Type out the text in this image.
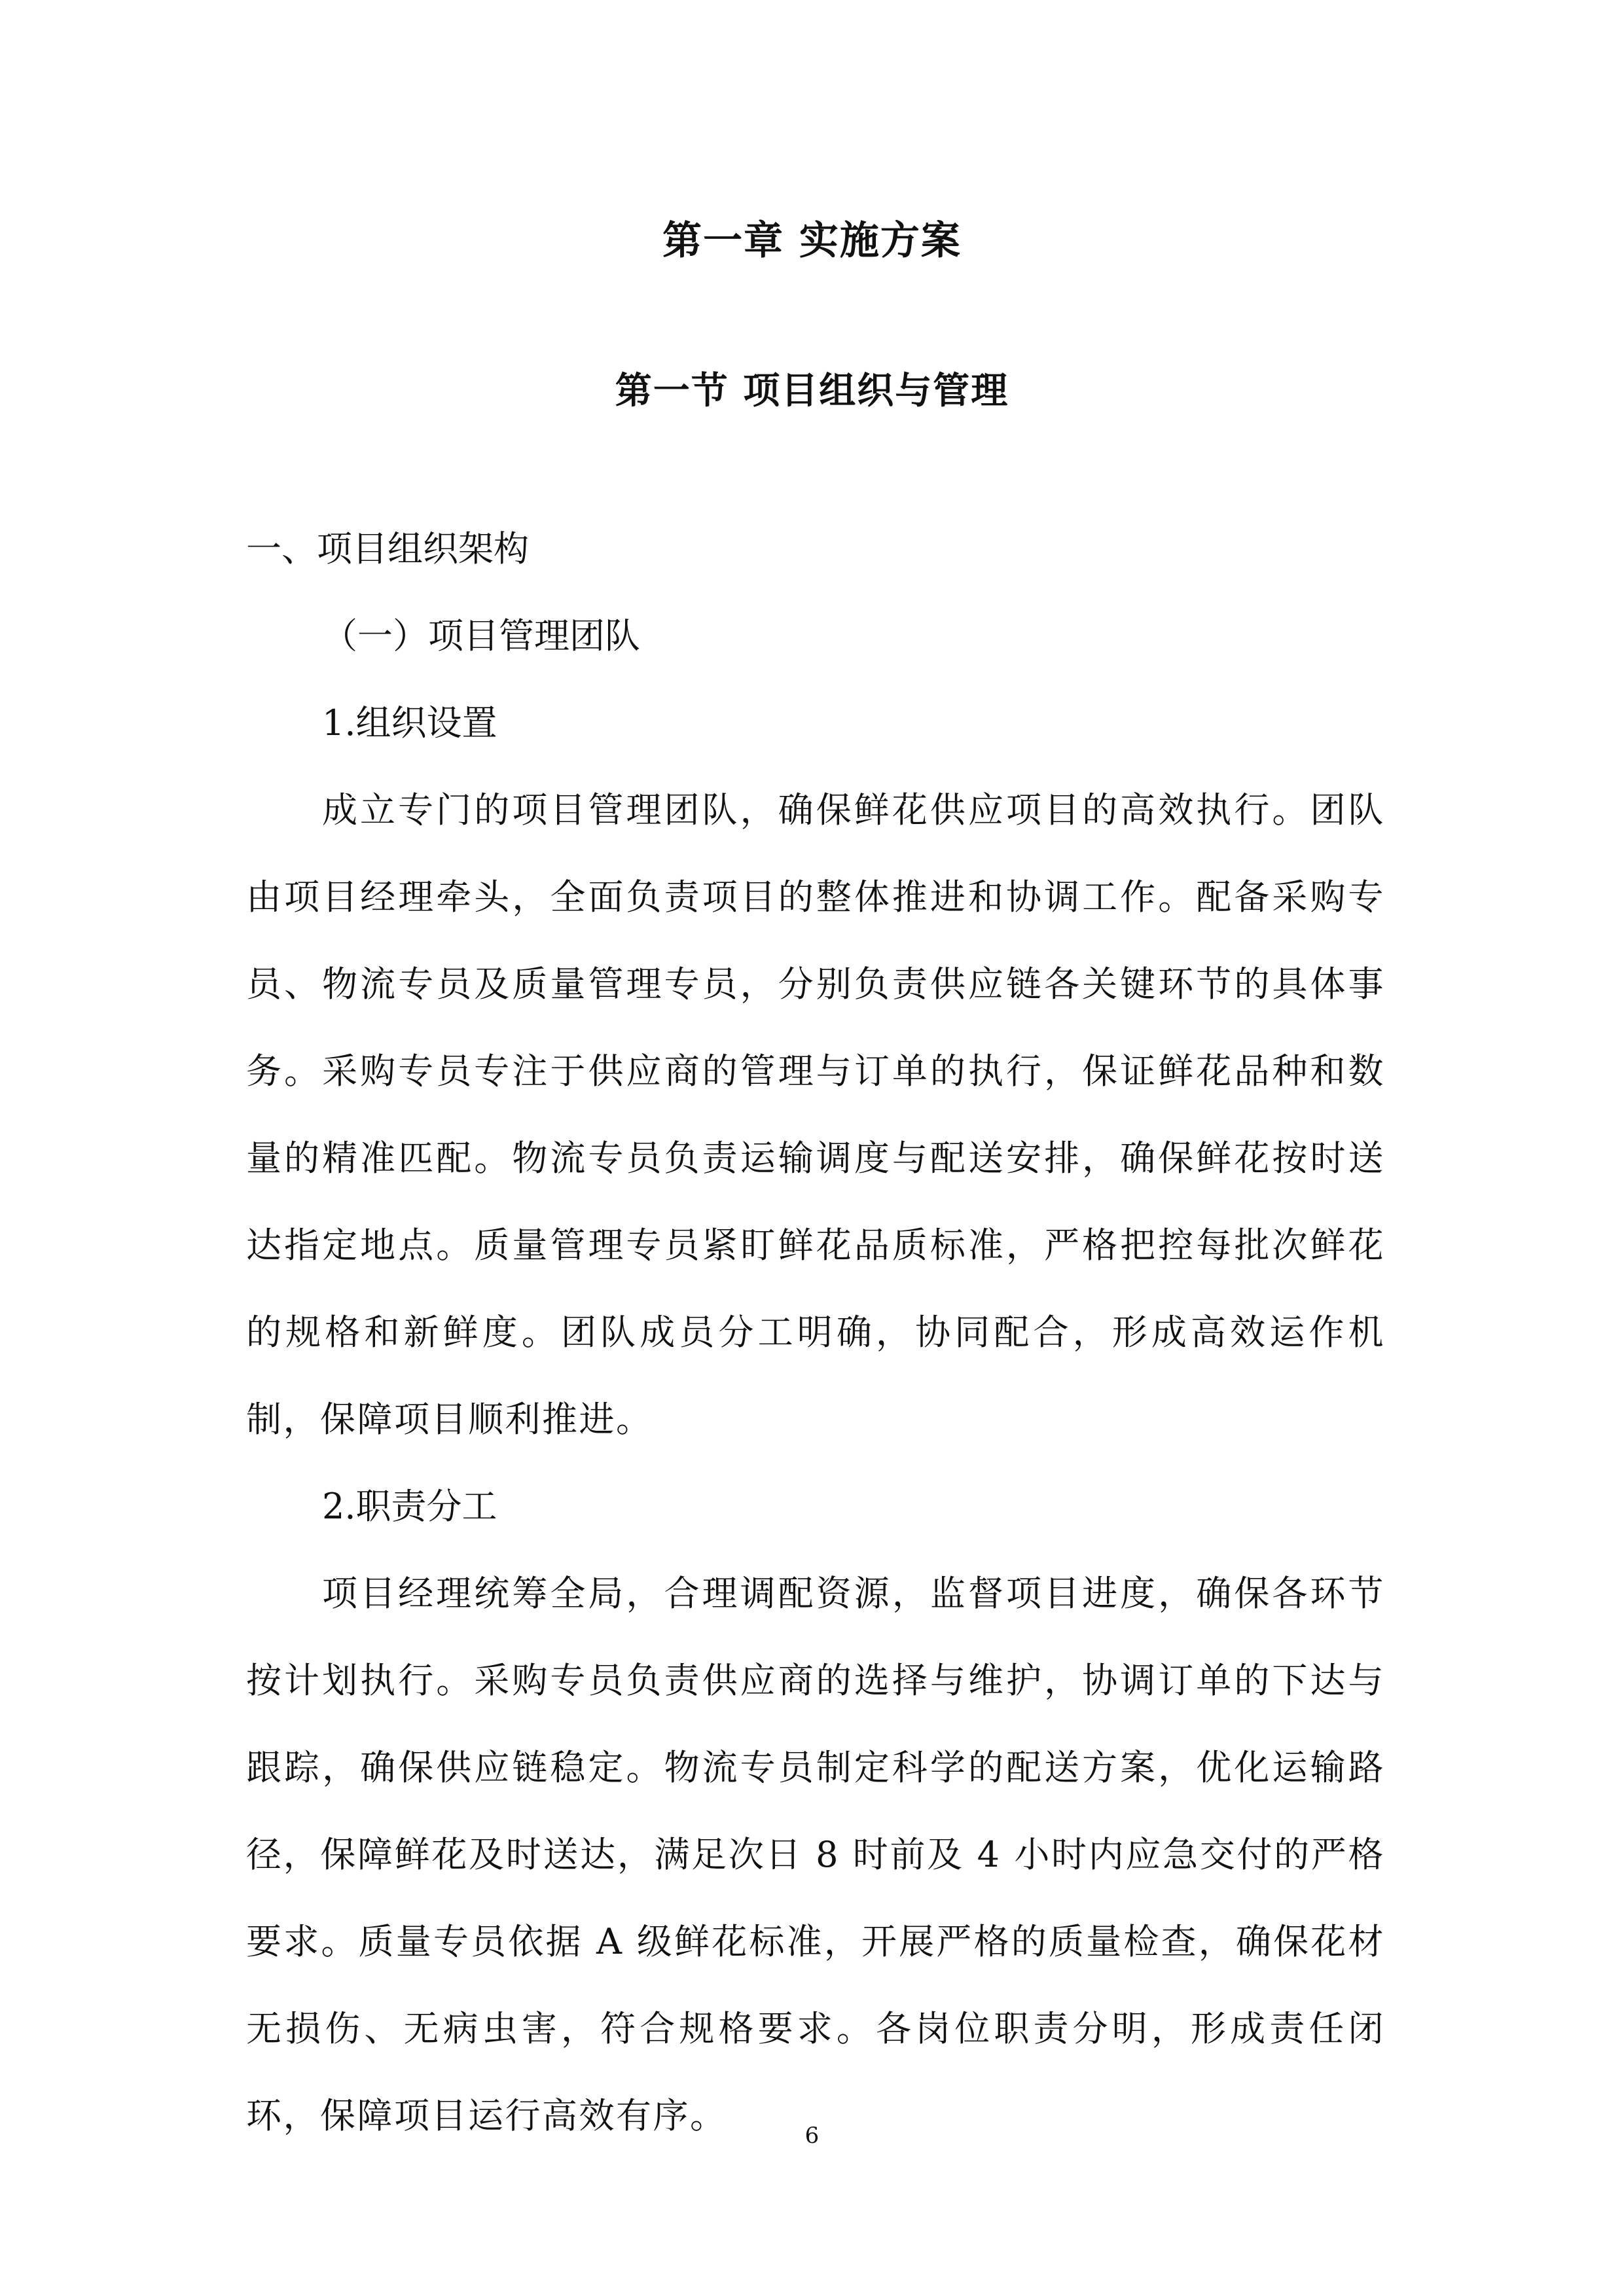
第一章 实施方案
第一节 项目组织与管理

一、项目组织架构

（一）项目管理团队

1.组织设置

成立专门的项目管理团队，确保鲜花供应项目的高效执行。团队由项目经理牵头，全面负责项目的整体推进和协调工作。配备采购专员、物流专员及质量管理专员，分别负责供应链各关键环节的具体事务。采购专员专注于供应商的管理与订单的执行，保证鲜花品种和数量的精准匹配。物流专员负责运输调度与配送安排，确保鲜花按时送达指定地点。质量管理专员紧盯鲜花品质标准，严格把控每批次鲜花的规格和新鲜度。团队成员分工明确，协同配合，形成高效运作机制，保障项目顺利推进。

2.职责分工

项目经理统筹全局，合理调配资源，监督项目进度，确保各环节按计划执行。采购专员负责供应商的选择与维护，协调订单的下达与跟踪，确保供应链稳定。物流专员制定科学的配送方案，优化运输路径，保障鲜花及时送达，满足次日 8 时前及 4 小时内应急交付的严格要求。质量专员依据 A 级鲜花标准，开展严格的质量检查，确保花材无损伤、无病虫害，符合规格要求。各岗位职责分明，形成责任闭环，保障项目运行高效有序。	6
